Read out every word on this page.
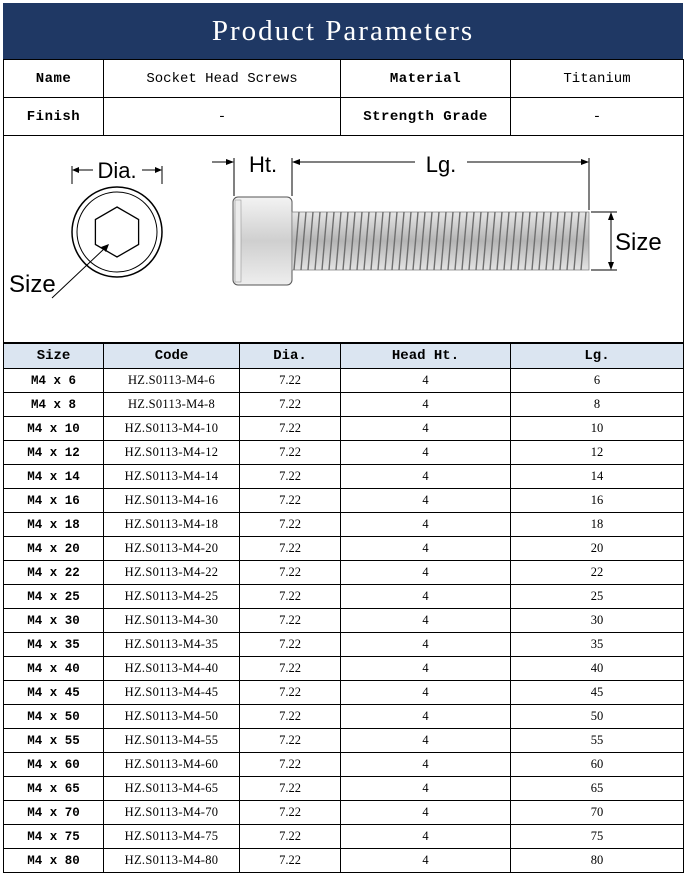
Product Parameters
Name	Socket Head Screws	Material	Titanium
Finish	-	Strength Grade	-

Dia.
Size
Ht. Lg.
Size			
Size	Code	Dia.	Head Ht.	Lg.
M4 x 6	HZ.S0113-M4-6	7.22	4	6
M4 x 8	HZ.S0113-M4-8	7.22	4	8
M4 x 10	HZ.S0113-M4-10	7.22	4	10
M4 x 12	HZ.S0113-M4-12	7.22	4	12
M4 x 14	HZ.S0113-M4-14	7.22	4	14
M4 x 16	HZ.S0113-M4-16	7.22	4	16
M4 x 18	HZ.S0113-M4-18	7.22	4	18
M4 x 20	HZ.S0113-M4-20	7.22	4	20
M4 x 22	HZ.S0113-M4-22	7.22	4	22
M4 x 25	HZ.S0113-M4-25	7.22	4	25
M4 x 30	HZ.S0113-M4-30	7.22	4	30
M4 x 35	HZ.S0113-M4-35	7.22	4	35
M4 x 40	HZ.S0113-M4-40	7.22	4	40
M4 x 45	HZ.S0113-M4-45	7.22	4	45
M4 x 50	HZ.S0113-M4-50	7.22	4	50
M4 x 55	HZ.S0113-M4-55	7.22	4	55
M4 x 60	HZ.S0113-M4-60	7.22	4	60
M4 x 65	HZ.S0113-M4-65	7.22	4	65
M4 x 70	HZ.S0113-M4-70	7.22	4	70
M4 x 75	HZ.S0113-M4-75	7.22	4	75
M4 x 80	HZ.S0113-M4-80	7.22	4	80
